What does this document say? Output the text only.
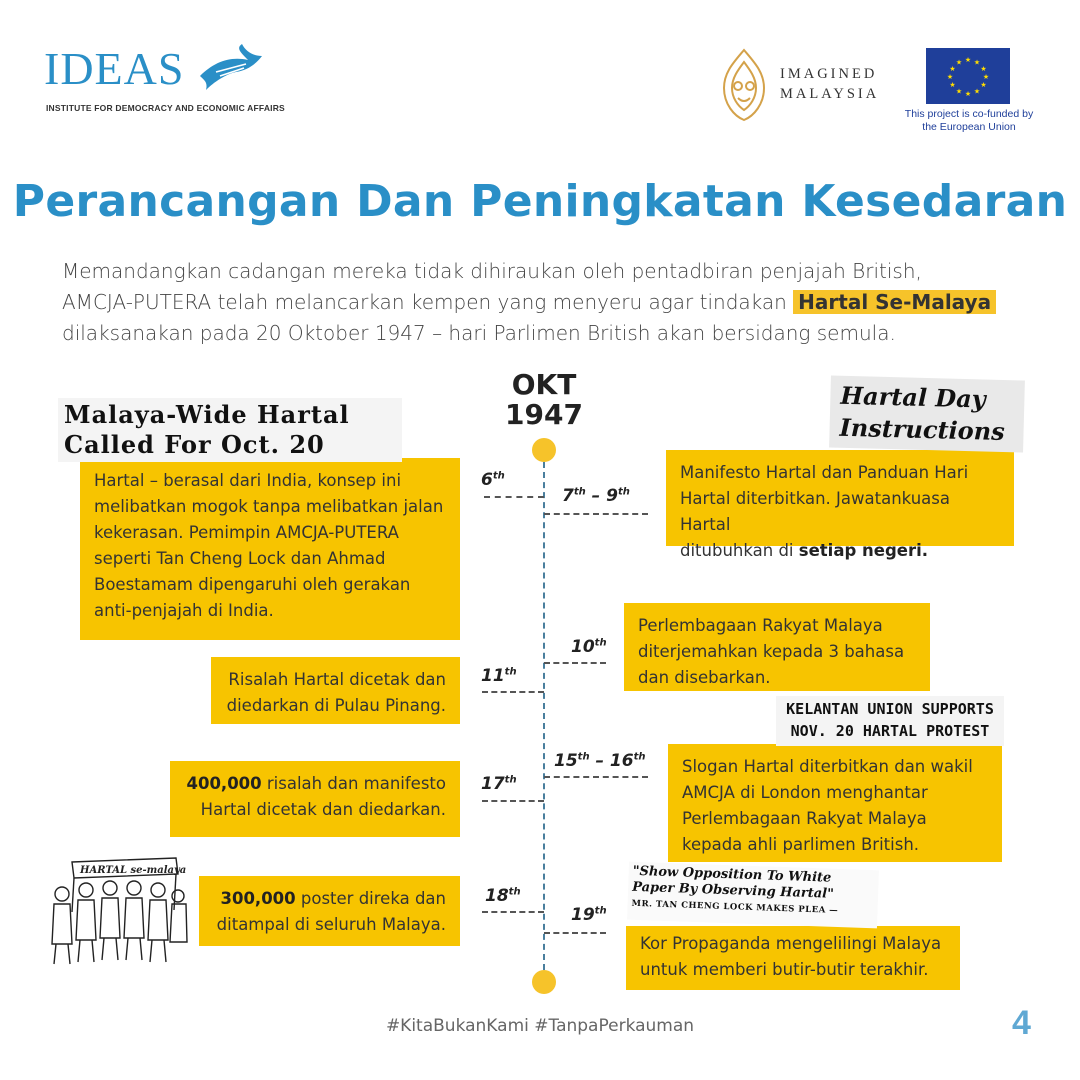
IDEAS
INSTITUTE FOR DEMOCRACY AND ECONOMIC AFFAIRS
IMAGINED
MALAYSIA
★ ★
★
★
★
★
★
★
★
★
★
★
This project is co-funded by
the European Union
Perancangan Dan Peningkatan Kesedaran
Memandangkan cadangan mereka tidak dihiraukan oleh pentadbiran penjajah British,
AMCJA-PUTERA telah melancarkan kempen yang menyeru agar tindakan Hartal Se-Malaya
dilaksanakan pada 20 Oktober 1947 – hari Parlimen British akan bersidang semula.
OKT
1947
6th
7th – 9th
10th
11th
15th – 16th
17th
18th
19th
Hartal – berasal dari India, konsep ini
melibatkan mogok tanpa melibatkan jalan
kekerasan. Pemimpin AMCJA-PUTERA
seperti Tan Cheng Lock dan Ahmad
Boestamam dipengaruhi oleh gerakan
anti-penjajah di India.
Manifesto Hartal dan Panduan Hari
Hartal diterbitkan. Jawatankuasa Hartal
ditubuhkan di setiap negeri.
Perlembagaan Rakyat Malaya
diterjemahkan kepada 3 bahasa
dan disebarkan.
Risalah Hartal dicetak dan
diedarkan di Pulau Pinang.
Slogan Hartal diterbitkan dan wakil
AMCJA di London menghantar
Perlembagaan Rakyat Malaya
kepada ahli parlimen British.
400,000 risalah dan manifesto
Hartal dicetak dan diedarkan.
300,000 poster direka dan
ditampal di seluruh Malaya.
Kor Propaganda mengelilingi Malaya
untuk memberi butir-butir terakhir.
Malaya-Wide Hartal
Called For Oct. 20
Hartal Day
Instructions
KELANTAN UNION SUPPORTS
NOV. 20 HARTAL PROTEST
"Show Opposition To White
Paper By Observing Hartal"
MR. TAN CHENG LOCK MAKES PLEA —
HARTAL se-malaya
#KitaBukanKami #TanpaPerkauman	4
